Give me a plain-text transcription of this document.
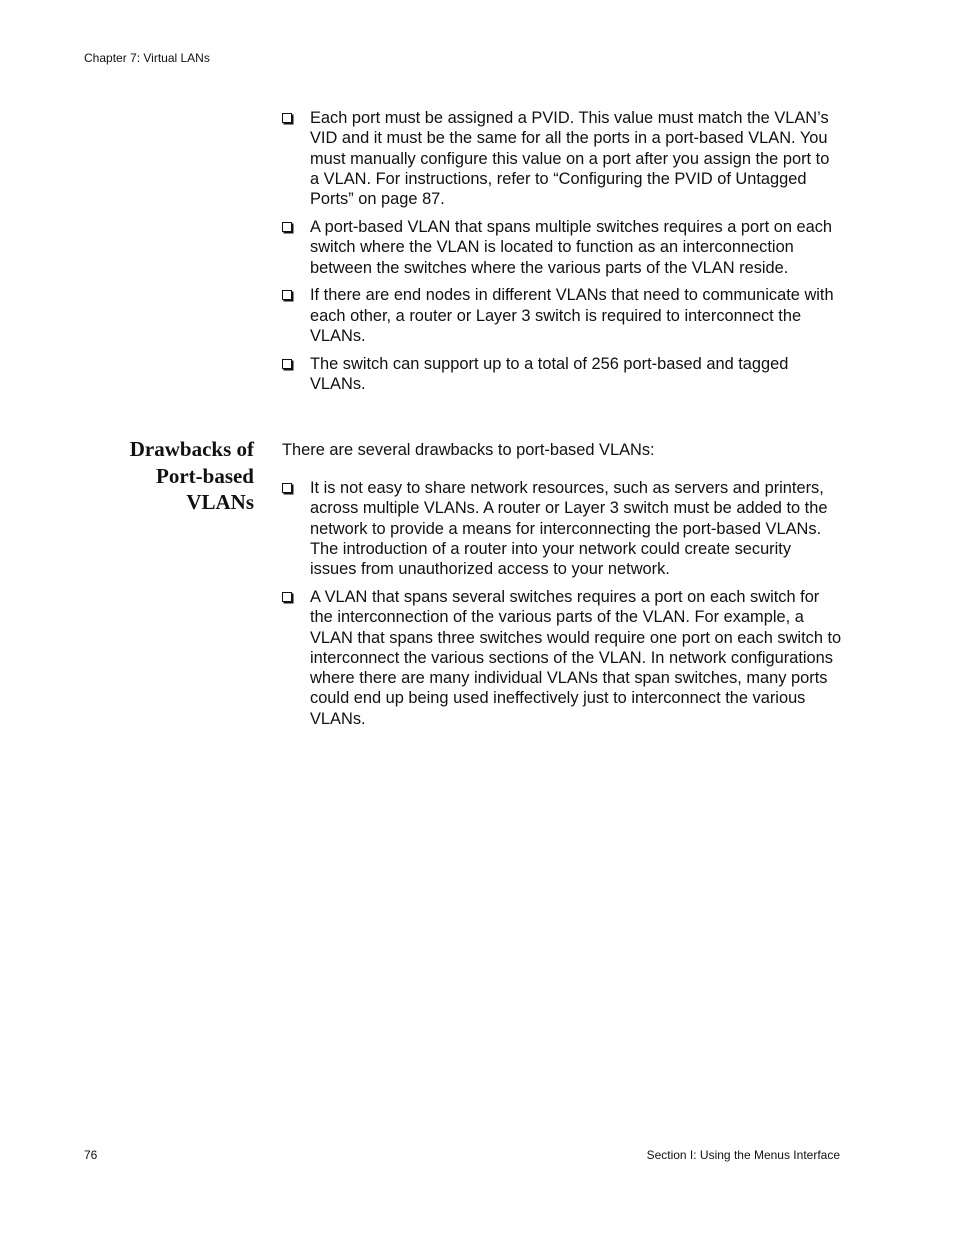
Chapter 7: Virtual LANs
Each port must be assigned a PVID. This value must match the VLAN’s VID and it must be the same for all the ports in a port-based VLAN. You must manually configure this value on a port after you assign the port to a VLAN. For instructions, refer to “Configuring the PVID of Untagged Ports” on page 87.
A port-based VLAN that spans multiple switches requires a port on each switch where the VLAN is located to function as an interconnection between the switches where the various parts of the VLAN reside.
If there are end nodes in different VLANs that need to communicate with each other, a router or Layer 3 switch is required to interconnect the VLANs.
The switch can support up to a total of 256 port-based and tagged VLANs.
Drawbacks of
Port-based
VLANs
There are several drawbacks to port-based VLANs:
It is not easy to share network resources, such as servers and printers, across multiple VLANs. A router or Layer 3 switch must be added to the network to provide a means for interconnecting the port-based VLANs. The introduction of a router into your network could create security issues from unauthorized access to your network.
A VLAN that spans several switches requires a port on each switch for the interconnection of the various parts of the VLAN. For example, a VLAN that spans three switches would require one port on each switch to interconnect the various sections of the VLAN. In network configurations where there are many individual VLANs that span switches, many ports could end up being used ineffectively just to interconnect the various VLANs.
76	Section I: Using the Menus Interface
